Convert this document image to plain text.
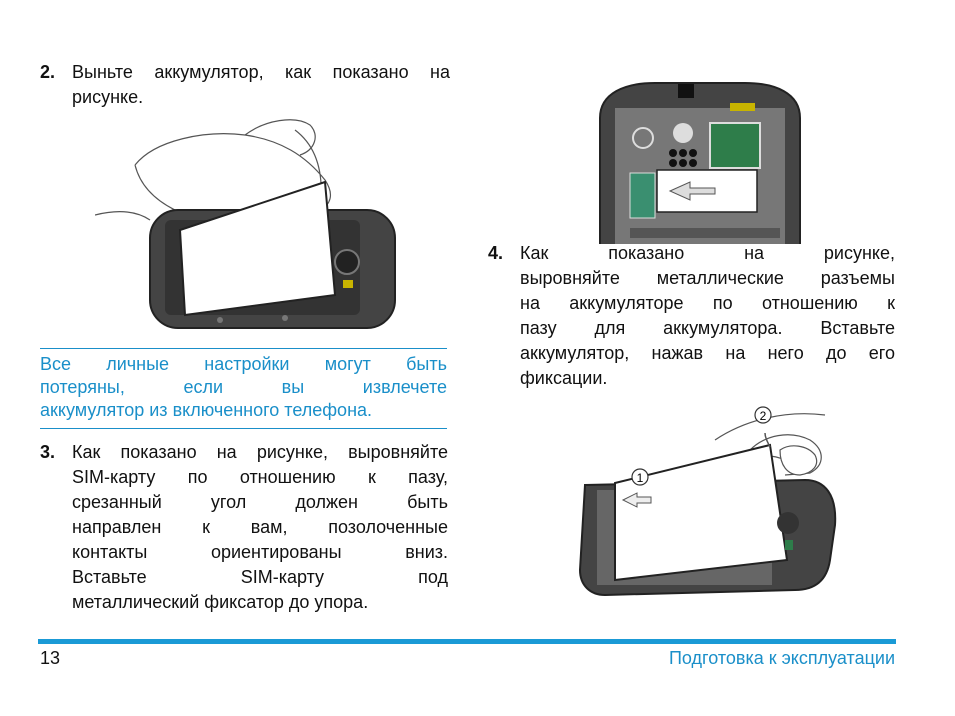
2. Выньте аккумулятор, как показано на рисунке.
Все личные настройки могут быть
потеряны, если вы извлечете
аккумулятор из включенного телефона.
3. Как показано на рисунке, выровняйте
SIM-карту по отношению к пазу,
срезанный угол должен быть
направлен к вам, позолоченные
контакты ориентированы вниз.
Вставьте SIM-карту под
металлический фиксатор до упора.
4. Как показано на рисунке,
выровняйте металлические разъемы
на аккумуляторе по отношению к
пазу для аккумулятора. Вставьте
аккумулятор, нажав на него до его
фиксации.
1
2
13	Подготовка к эксплуатации
